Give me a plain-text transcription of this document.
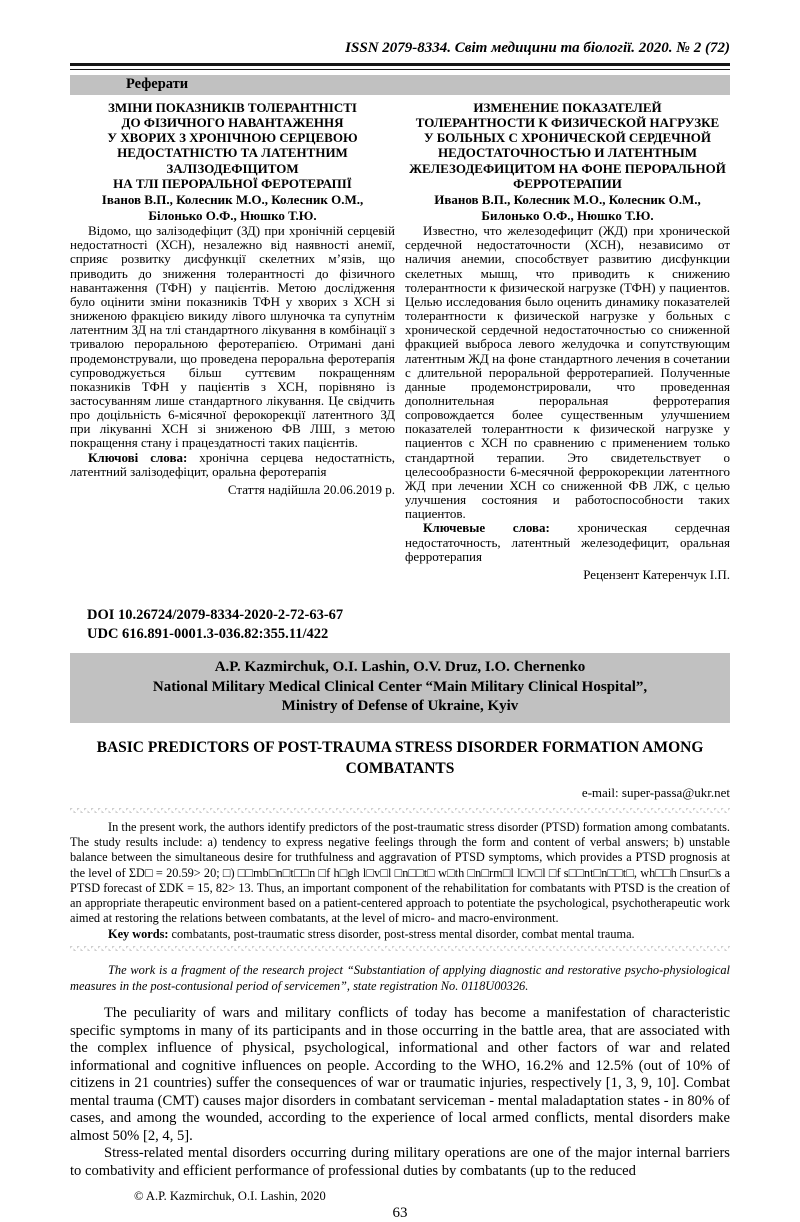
ISSN 2079-8334. Світ медицини та біології. 2020. № 2 (72)
Реферати
ЗМІНИ ПОКАЗНИКІВ ТОЛЕРАНТНІСТІ
ДО ФІЗИЧНОГО НАВАНТАЖЕННЯ
У ХВОРИХ З ХРОНІЧНОЮ СЕРЦЕВОЮ
НЕДОСТАТНІСТЮ ТА ЛАТЕНТНИМ
ЗАЛІЗОДЕФІЦИТОМ
НА ТЛІ ПЕРОРАЛЬНОЇ ФЕРОТЕРАПІЇ
Іванов В.П., Колесник М.О., Колесник О.М.,
Білонько О.Ф., Нюшко Т.Ю.

Відомо, що залізодефіцит (ЗД) при хронічній серцевій недостатності (ХСН), незалежно від наявності анемії, сприяє розвитку дисфункції скелетних м’язів, що приводить до зниження толерантності до фізичного навантаження (ТФН) у пацієнтів. Метою дослідження було оцінити зміни показників ТФН у хворих з ХСН зі зниженою фракцією викиду лівого шлуночка та супутнім латентним ЗД на тлі стандартного лікування в комбінації з тривалою пероральною феротерапією. Отримані дані продемонстрували, що проведена пероральна феротерапія супроводжується більш суттєвим покращенням показників ТФН у пацієнтів з ХСН, порівняно із застосуванням лише стандартного лікування. Це свідчить про доцільність 6-місячної ферокорекції латентного ЗД при лікуванні ХСН зі зниженою ФВ ЛШ, з метою покращення стану і працездатності таких пацієнтів.

Ключові слова: хронічна серцева недостатність, латентний залізодефіцит, оральна феротерапія

Стаття надійшла 20.06.2019 р.
ИЗМЕНЕНИЕ ПОКАЗАТЕЛЕЙ
ТОЛЕРАНТНОСТИ К ФИЗИЧЕСКОЙ НАГРУЗКЕ
У БОЛЬНЫХ С ХРОНИЧЕСКОЙ СЕРДЕЧНОЙ
НЕДОСТАТОЧНОСТЬЮ И ЛАТЕНТНЫМ
ЖЕЛЕЗОДЕФИЦИТОМ НА ФОНЕ ПЕРОРАЛЬНОЙ
ФЕРРОТЕРАПИИ
Иванов В.П., Колесник М.О., Колесник О.М.,
Билонько О.Ф., Нюшко Т.Ю.

Известно, что железодефицит (ЖД) при хронической сердечной недостаточности (ХСН), независимо от наличия анемии, способствует развитию дисфункции скелетных мышц, что приводить к снижению толерантности к физической нагрузке (ТФН) у пациентов. Целью исследования было оценить динамику показателей толерантности к физической нагрузке у больных с хронической сердечной недостаточностью со сниженной фракцией выброса левого желудочка и сопутствующим латентным ЖД на фоне стандартного лечения в сочетании с длительной пероральной ферротерапией. Полученные данные продемонстрировали, что проведенная дополнительная пероральная ферротерапия сопровождается более существенным улучшением показателей толерантности к физической нагрузке у пациентов с ХСН по сравнению с применением только стандартной терапии. Это свидетельствует о целесообразности 6-месячной феррокорекции латентного ЖД при лечении ХСН со сниженной ФВ ЛЖ, с целью улучшения состояния и работоспособности таких пациентов.

Ключевые слова: хроническая сердечная недостаточность, латентный железодефицит, оральная ферротерапия

Рецензент Катеренчук І.П.
DOI 10.26724/2079-8334-2020-2-72-63-67
UDC 616.891-0001.3-036.82:355.11/422
A.P. Kazmirchuk, O.I. Lashin, O.V. Druz, I.O. Chernenko
National Military Medical Clinical Center “Main Military Clinical Hospital”,
Ministry of Defense of Ukraine, Kyiv
BASIC PREDICTORS OF POST-TRAUMA STRESS DISORDER FORMATION AMONG
COMBATANTS
e-mail: super-passa@ukr.net

In the present work, the authors identify predictors of the post-traumatic stress disorder (PTSD) formation among combatants. The study results include: a) tendency to express negative feelings through the form and content of verbal answers; b) unstable balance between the simultaneous desire for truthfulness and aggravation of PTSD symptoms, which provides a PTSD prognosis at the level of ΣD□ = 20.59> 20; □) □□mb□n□t□□n □f h□gh l□v□l □n□□t□ w□th □n□rm□l l□v□l □f s□□nt□n□□t□, wh□□h □nsur□s a PTSD forecast of ΣDK = 15, 82> 13. Thus, an important component of the rehabilitation for combatants with PTSD is the creation of an appropriate therapeutic environment based on a patient-centered approach to potentiate the psychological, psychotherapeutic work aimed at restoring the relations between combatants, at the level of micro- and macro-environment.

Key words: combatants, post-traumatic stress disorder, post-stress mental disorder, combat mental trauma.

The work is a fragment of the research project “Substantiation of applying diagnostic and restorative psycho-physiological measures in the post-contusional period of servicemen”, state registration No. 0118U00326.

The peculiarity of wars and military conflicts of today has become a manifestation of characteristic specific symptoms in many of its participants and in those occurring in the battle area, that are associated with the complex influence of physical, psychological, informational and other factors of war and related informational and cognitive influences on people. According to the WHO, 16.2% and 12.5% (out of 10% of citizens in 21 countries) suffer the consequences of war or traumatic injuries, respectively [1, 3, 9, 10]. Combat mental trauma (CMT) causes major disorders in combatant serviceman - mental maladaptation states - in 80% of cases, and among the wounded, according to the experience of local armed conflicts, mental disorders make almost 50% [2, 4, 5].

Stress-related mental disorders occurring during military operations are one of the major internal barriers to combativity and efficient performance of professional duties by combatants (up to the reduced

© A.P. Kazmirchuk, O.I. Lashin, 2020
63
